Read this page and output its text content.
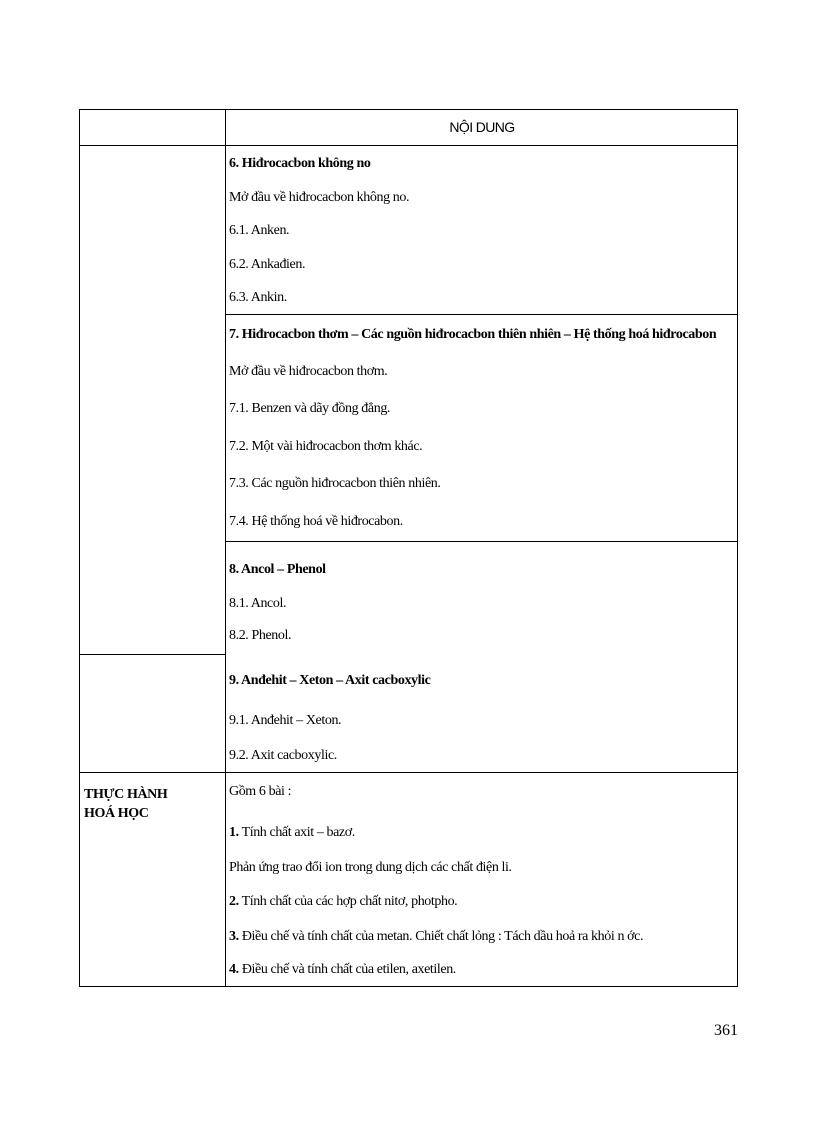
NỘI DUNG
6. Hiđrocacbon không no
Mở đầu về hiđrocacbon không no.
6.1. Anken.
6.2. Ankađien.
6.3. Ankin.
7. Hiđrocacbon thơm – Các nguồn hiđrocacbon thiên nhiên – Hệ thống hoá hiđrocabon
Mở đầu về hiđrocacbon thơm.
7.1. Benzen và dãy đồng đẳng.
7.2. Một vài hiđrocacbon thơm khác.
7.3. Các nguồn hiđrocacbon thiên nhiên.
7.4. Hệ thống hoá về hiđrocabon.
8. Ancol – Phenol
8.1. Ancol.
8.2. Phenol.
9. Anđehit – Xeton – Axit cacboxylic
9.1. Anđehit – Xeton.
9.2. Axit cacboxylic.
THỰC HÀNH
HOÁ HỌC
Gồm 6 bài :
1. Tính chất axit – bazơ.
Phản ứng trao đổi ion trong dung dịch các chất điện li.
2. Tính chất của các hợp chất nitơ, photpho.
3. Điều chế và tính chất của metan. Chiết chất lỏng : Tách dầu hoả ra khỏi n ớc.
4. Điều chế và tính chất của etilen, axetilen.
361
